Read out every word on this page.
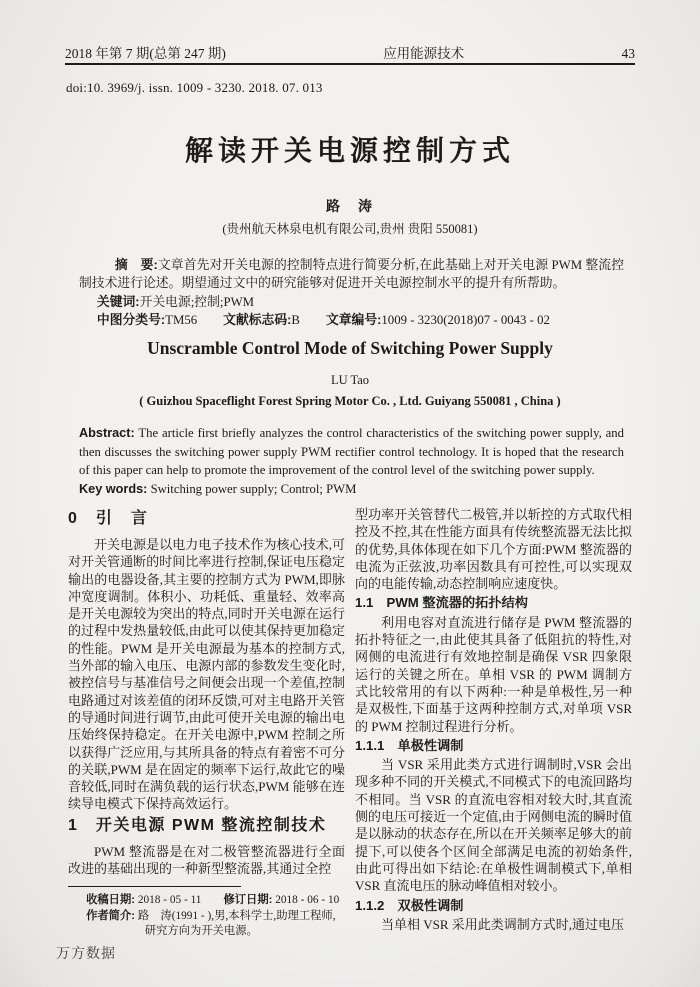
2018 年第 7 期(总第 247 期)	应用能源技术	43
doi:10. 3969/j. issn. 1009 - 3230. 2018. 07. 013
解读开关电源控制方式
路　涛
(贵州航天林泉电机有限公司,贵州 贵阳 550081)

摘　要:文章首先对开关电源的控制特点进行简要分析,在此基础上对开关电源 PWM 整流控制技术进行论述。期望通过文中的研究能够对促进开关电源控制水平的提升有所帮助。

关键词:开关电源;控制;PWM

中图分类号:TM56 文献标志码:B 文章编号:1009 - 3230(2018)07 - 0043 - 02

Unscramble Control Mode of Switching Power Supply
LU Tao
( Guizhou Spaceflight Forest Spring Motor Co. , Ltd. Guiyang 550081 , China )

Abstract: The article first briefly analyzes the control characteristics of the switching power supply, and then discusses the switching power supply PWM rectifier control technology. It is hoped that the research of this paper can help to promote the improvement of the control level of the switching power supply.

Key words: Switching power supply; Control; PWM

0　引　言

开关电源是以电力电子技术作为核心技术,可对开关管通断的时间比率进行控制,保证电压稳定输出的电器设备,其主要的控制方式为 PWM,即脉冲宽度调制。体积小、功耗低、重量轻、效率高是开关电源较为突出的特点,同时开关电源在运行的过程中发热量较低,由此可以使其保持更加稳定的性能。PWM 是开关电源最为基本的控制方式,当外部的输入电压、电源内部的参数发生变化时,被控信号与基准信号之间便会出现一个差值,控制电路通过对该差值的闭环反馈,可对主电路开关管的导通时间进行调节,由此可使开关电源的输出电压始终保持稳定。在开关电源中,PWM 控制之所以获得广泛应用,与其所具备的特点有着密不可分的关联,PWM 是在固定的频率下运行,故此它的噪音较低,同时在满负载的运行状态,PWM 能够在连续导电模式下保持高效运行。

1　开关电源 PWM 整流控制技术

PWM 整流器是在对二极管整流器进行全面改进的基础出现的一种新型整流器,其通过全控

收稿日期: 2018 - 05 - 11 修订日期: 2018 - 06 - 10

作者简介: 路　涛(1991 - ),男,本科学士,助理工程师,研究方向为开关电源。

型功率开关管替代二极管,并以斩控的方式取代相控及不控,其在性能方面具有传统整流器无法比拟的优势,具体体现在如下几个方面:PWM 整流器的电流为正弦波,功率因数具有可控性,可以实现双向的电能传输,动态控制响应速度快。

1.1　PWM 整流器的拓扑结构

利用电容对直流进行储存是 PWM 整流器的拓扑特征之一,由此使其具备了低阻抗的特性,对网侧的电流进行有效地控制是确保 VSR 四象限运行的关键之所在。单相 VSR 的 PWM 调制方式比较常用的有以下两种:一种是单极性,另一种是双极性,下面基于这两种控制方式,对单项 VSR 的 PWM 控制过程进行分析。

1.1.1　单极性调制

当 VSR 采用此类方式进行调制时,VSR 会出现多种不同的开关模式,不同模式下的电流回路均不相同。当 VSR 的直流电容相对较大时,其直流侧的电压可接近一个定值,由于网侧电流的瞬时值是以脉动的状态存在,所以在开关频率足够大的前提下,可以使各个区间全部满足电流的初始条件,由此可得出如下结论:在单极性调制模式下,单相 VSR 直流电压的脉动峰值相对较小。

1.1.2　双极性调制

当单相 VSR 采用此类调制方式时,通过电压

万方数据
